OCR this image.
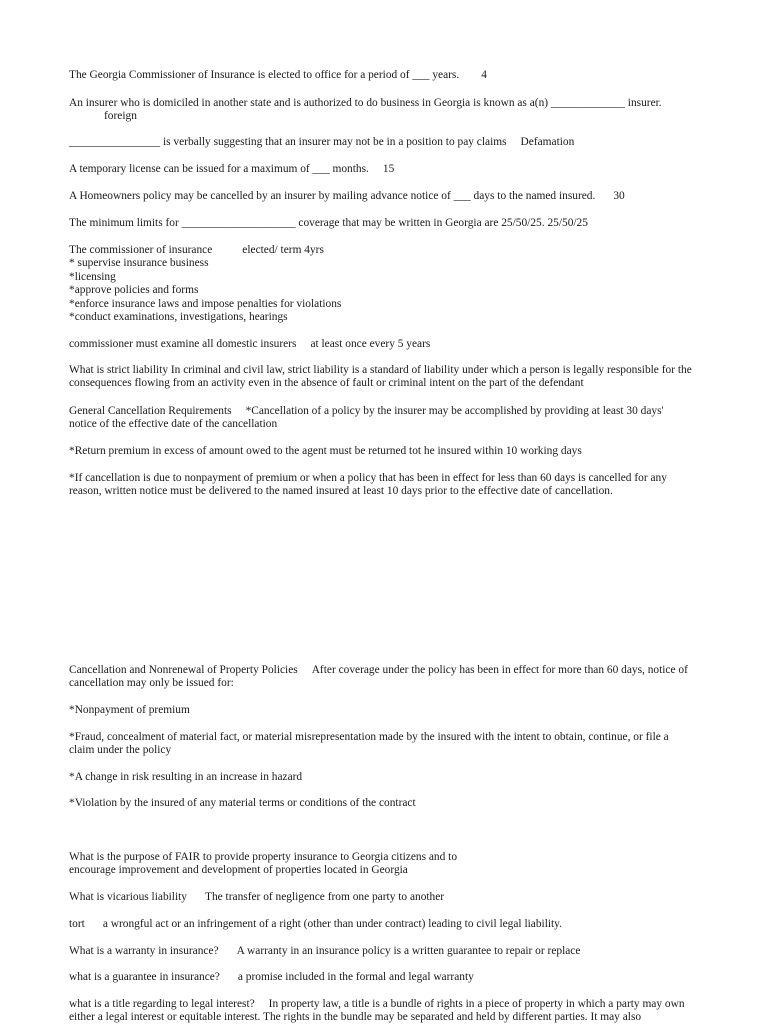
The Georgia Commissioner of Insurance is elected to office for a period of ___ years. 4
An insurer who is domiciled in another state and is authorized to do business in Georgia is known as a(n) _____________ insurer.
foreign
________________ is verbally suggesting that an insurer may not be in a position to pay claims Defamation
A temporary license can be issued for a maximum of ___ months. 15
A Homeowners policy may be cancelled by an insurer by mailing advance notice of ___ days to the named insured. 30
The minimum limits for ____________________ coverage that may be written in Georgia are 25/50/25. 25/50/25
The commissioner of insurance	elected/ term 4yrs
* supervise insurance business
*licensing
*approve policies and forms
*enforce insurance laws and impose penalties for violations
*conduct examinations, investigations, hearings
commissioner must examine all domestic insurers at least once every 5 years
What is strict liability In criminal and civil law, strict liability is a standard of liability under which a person is legally responsible for the consequences flowing from an activity even in the absence of fault or criminal intent on the part of the defendant
General Cancellation Requirements *Cancellation of a policy by the insurer may be accomplished by providing at least 30 days' notice of the effective date of the cancellation
*Return premium in excess of amount owed to the agent must be returned tot he insured within 10 working days
*If cancellation is due to nonpayment of premium or when a policy that has been in effect for less than 60 days is cancelled for any reason, written notice must be delivered to the named insured at least 10 days prior to the effective date of cancellation.
Cancellation and Nonrenewal of Property Policies After coverage under the policy has been in effect for more than 60 days, notice of cancellation may only be issued for:
*Nonpayment of premium
*Fraud, concealment of material fact, or material misrepresentation made by the insured with the intent to obtain, continue, or file a claim under the policy
*A change in risk resulting in an increase in hazard
*Violation by the insured of any material terms or conditions of the contract
What is the purpose of FAIR to provide property insurance to Georgia citizens and to
encourage improvement and development of properties located in Georgia
What is vicarious liability The transfer of negligence from one party to another
tort a wrongful act or an infringement of a right (other than under contract) leading to civil legal liability.
What is a warranty in insurance? A warranty in an insurance policy is a written guarantee to repair or replace
what is a guarantee in insurance? a promise included in the formal and legal warranty
what is a title regarding to legal interest? In property law, a title is a bundle of rights in a piece of property in which a party may own either a legal interest or equitable interest. The rights in the bundle may be separated and held by different parties. It may also
